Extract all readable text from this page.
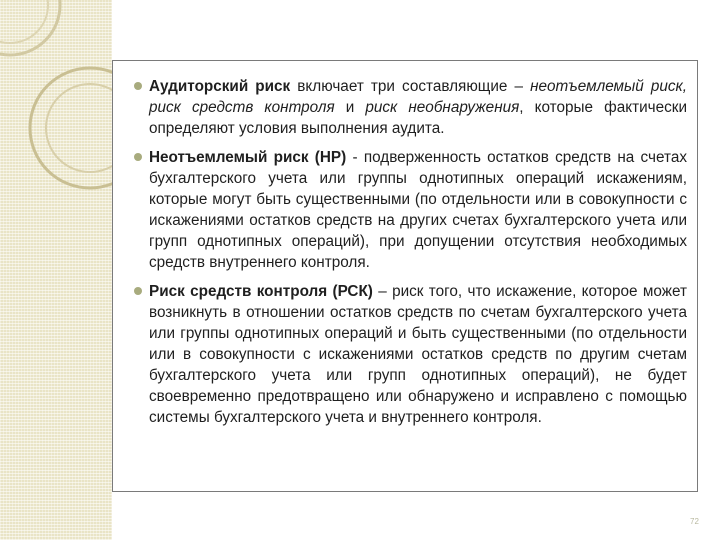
Аудиторский риск включает три составляющие – неотъемлемый риск, риск средств контроля и риск необнаружения, которые фактически определяют условия выполнения аудита.
Неотъемлемый риск (НР) - подверженность остатков средств на счетах бухгалтерского учета или группы однотипных операций искажениям, которые могут быть существенными (по отдельности или в совокупности с искажениями остатков средств на других счетах бухгалтерского учета или групп однотипных операций), при допущении отсутствия необходимых средств внутреннего контроля.
Риск средств контроля (РСК) – риск того, что искажение, которое может возникнуть в отношении остатков средств по счетам бухгалтерского учета или группы однотипных операций и быть существенными (по отдельности или в совокупности с искажениями остатков средств по другим счетам бухгалтерского учета или групп однотипных операций), не будет своевременно предотвращено или обнаружено и исправлено с помощью системы бухгалтерского учета и внутреннего контроля.
72
